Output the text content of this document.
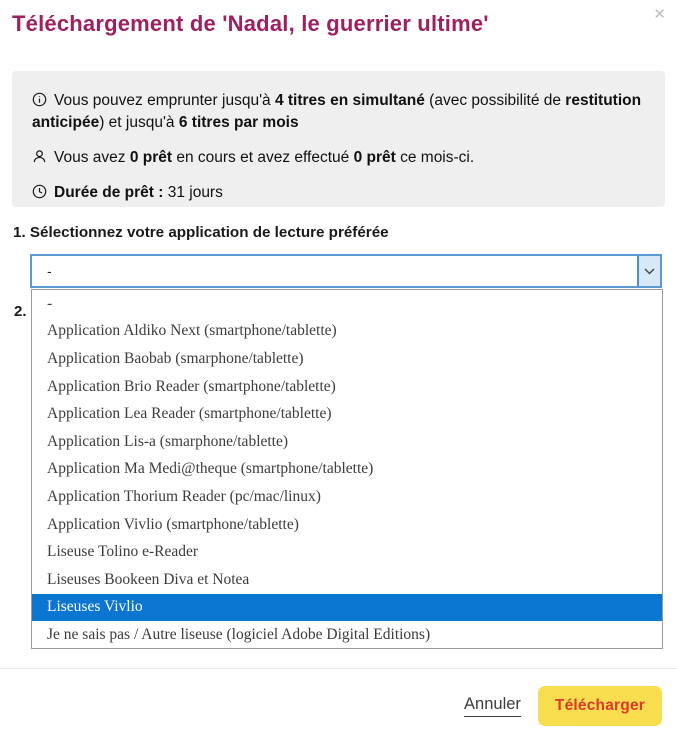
✕
Téléchargement de 'Nadal, le guerrier ultime'

Vous pouvez emprunter jusqu'à 4 titres en simultané (avec possibilité de restitution anticipée) et jusqu'à 6 titres par mois

Vous avez 0 prêt en cours et avez effectué 0 prêt ce mois-ci.

Durée de prêt : 31 jours

1. Sélectionnez votre application de lecture préférée
-
2.	-
Application Aldiko Next (smartphone/tablette)
Application Baobab (smarphone/tablette)
Application Brio Reader (smartphone/tablette)
Application Lea Reader (smartphone/tablette)
Application Lis-a (smarphone/tablette)
Application Ma Medi@theque (smartphone/tablette)
Application Thorium Reader (pc/mac/linux)
Application Vivlio (smartphone/tablette)
Liseuse Tolino e-Reader
Liseuses Bookeen Diva et Notea
Liseuses Vivlio
Je ne sais pas / Autre liseuse (logiciel Adobe Digital Editions)
Annuler	Télécharger
